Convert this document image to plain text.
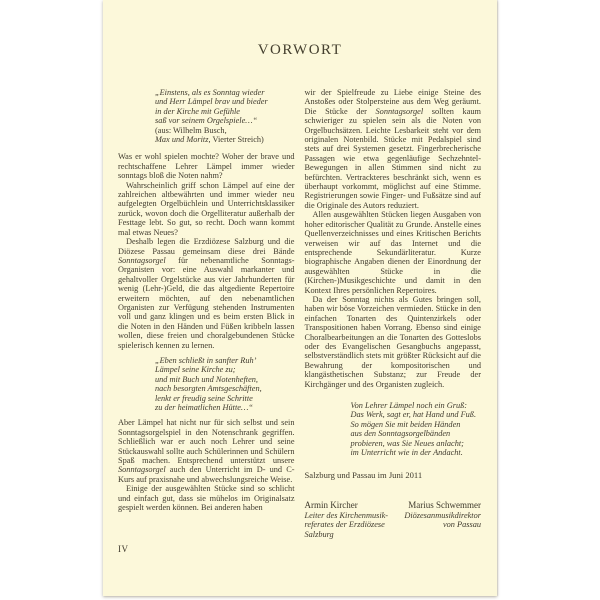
VORWORT
„Einstens, als es Sonntag wieder
und Herr Lämpel brav und bieder
in der Kirche mit Gefühle
saß vor seinem Orgelspiele…“
(aus: Wilhelm Busch,
Max und Moritz, Vierter Streich)

Was er wohl spielen mochte? Woher der brave und rechtschaffene Lehrer Lämpel immer wieder sonntags bloß die Noten nahm?

Wahrscheinlich griff schon Lämpel auf eine der zahlreichen altbewährten und immer wieder neu aufgelegten Orgelbüchlein und Unterrichtsklassiker zurück, wovon doch die Orgelliteratur außerhalb der Festtage lebt. So gut, so recht. Doch wann kommt mal etwas Neues?

Deshalb legen die Erzdiözese Salzburg und die Diözese Passau gemeinsam diese drei Bände Sonntagsorgel für nebenamtliche Sonntags-Organisten vor: eine Auswahl markanter und gehaltvoller Orgelstücke aus vier Jahrhunderten für wenig (Lehr-)Geld, die das altgediente Repertoire erweitern möchten, auf den nebenamtlichen Organisten zur Verfügung stehenden Instrumenten voll und ganz klingen und es beim ersten Blick in die Noten in den Händen und Füßen kribbeln lassen wollen, diese freien und choralgebundenen Stücke spielerisch kennen zu lernen.

„Eben schließt in sanfter Ruh’
Lämpel seine Kirche zu;
und mit Buch und Notenheften,
nach besorgten Amtsgeschäften,
lenkt er freudig seine Schritte
zu der heimatlichen Hütte…“

Aber Lämpel hat nicht nur für sich selbst und sein Sonntagsorgelspiel in den Notenschrank gegriffen. Schließlich war er auch noch Lehrer und seine Stückauswahl sollte auch Schülerinnen und Schülern Spaß machen. Entsprechend unterstützt unsere Sonntagsorgel auch den Unterricht im D- und C-Kurs auf praxisnahe und abwechslungsreiche Weise.

Einige der ausgewählten Stücke sind so schlicht und einfach gut, dass sie mühelos im Originalsatz gespielt werden können. Bei anderen haben

wir der Spielfreude zu Liebe einige Steine des Anstoßes oder Stolpersteine aus dem Weg geräumt. Die Stücke der Sonntagsorgel sollten kaum schwieriger zu spielen sein als die Noten von Orgelbuchsätzen. Leichte Lesbarkeit steht vor dem originalen Notenbild. Stücke mit Pedalspiel sind stets auf drei Systemen gesetzt. Fingerbrecherische Passagen wie etwa gegenläufige Sechzehntel-Bewegungen in allen Stimmen sind nicht zu befürchten. Vertrackteres beschränkt sich, wenn es überhaupt vorkommt, möglichst auf eine Stimme. Registrierungen sowie Finger- und Fußsätze sind auf die Originale des Autors reduziert.

Allen ausgewählten Stücken liegen Ausgaben von hoher editorischer Qualität zu Grunde. Anstelle eines Quellenverzeichnisses und eines Kritischen Berichts verweisen wir auf das Internet und die entsprechende Sekundärliteratur. Kurze biographische Angaben dienen der Einordnung der ausgewählten Stücke in die (Kirchen-)Musikgeschichte und damit in den Kontext Ihres persönlichen Repertoires.

Da der Sonntag nichts als Gutes bringen soll, haben wir böse Vorzeichen vermieden. Stücke in den einfachen Tonarten des Quintenzirkels oder Transpositionen haben Vorrang. Ebenso sind einige Choralbearbeitungen an die Tonarten des Gotteslobs oder des Evangelischen Gesangbuchs angepasst, selbstverständlich stets mit größter Rücksicht auf die Bewahrung der kompositorischen und klangästhetischen Substanz; zur Freude der Kirchgänger und des Organisten zugleich.

Von Lehrer Lämpel noch ein Gruß:
Das Werk, sagt er, hat Hand und Fuß.
So mögen Sie mit beiden Händen
aus den Sonntagsorgelbänden
probieren, was Sie Neues anlacht;
im Unterricht wie in der Andacht.
Salzburg und Passau im Juni 2011
Armin Kircher
Leiter des Kirchenmusik-
referates der Erzdiözese
Salzburg
Marius Schwemmer
Diözesanmusikdirektor
von Passau
IV
